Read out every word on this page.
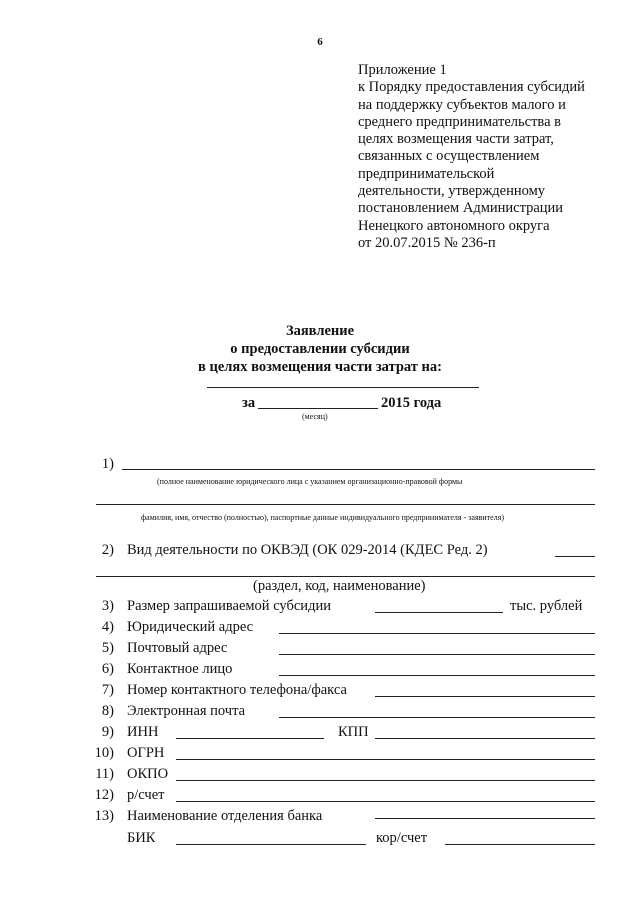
6
Приложение 1
к Порядку предоставления субсидий
на поддержку субъектов малого и
среднего предпринимательства в
целях возмещения части затрат,
связанных с осуществлением
предпринимательской
деятельности, утвержденному
постановлением Администрации
Ненецкого автономного округа
от 20.07.2015 № 236-п
Заявление
о предоставлении субсидии
в целях возмещения части затрат на:
за	2015 года
(месяц)
1)
(полное наименование юридического лица с указанием организационно-правовой формы
фамилия, имя, отчество (полностью), паспортные данные индивидуального предпринимателя - заявителя)
2) Вид деятельности по ОКВЭД (ОК 029-2014 (КДЕС Ред. 2)
(раздел, код, наименование)
3) Размер запрашиваемой субсидии	тыс. рублей
4) Юридический адрес
5) Почтовый адрес
6) Контактное лицо
7) Номер контактного телефона/факса
8) Электронная почта
9) ИНН	КПП
10) ОГРН
11) ОКПО
12) р/счет
13) Наименование отделения банка
БИК	кор/счет
